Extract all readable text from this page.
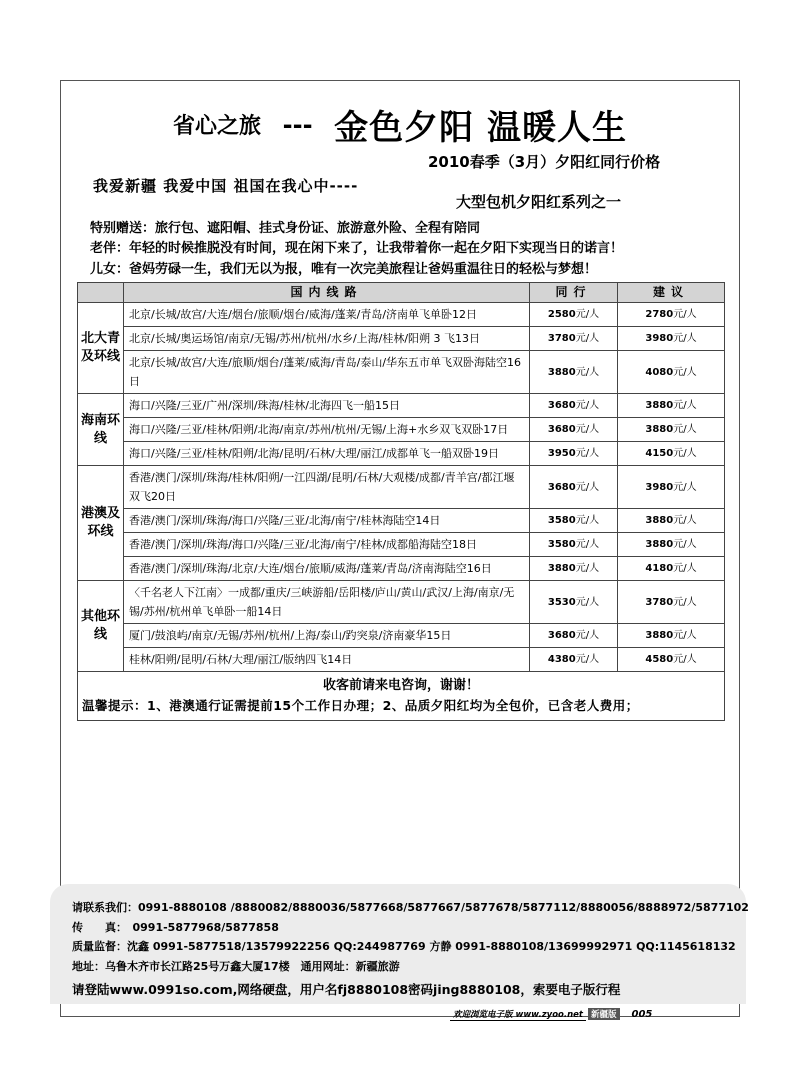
省心之旅 --- 金色夕阳 温暖人生
2010春季（3月）夕阳红同行价格
我爱新疆 我爱中国 祖国在我心中----
大型包机夕阳红系列之一
特别赠送：旅行包、遮阳帽、挂式身份证、旅游意外险、全程有陪同
老伴：年轻的时候推脱没有时间，现在闲下来了，让我带着你一起在夕阳下实现当日的诺言！
儿女：爸妈劳碌一生，我们无以为报，唯有一次完美旅程让爸妈重温往日的轻松与梦想！
	国内线路	同行	建议
北大青及环线	北京/长城/故宫/大连/烟台/旅顺/烟台/威海/蓬莱/青岛/济南单飞单卧12日	2580元/人	2780元/人
	北京/长城/奥运场馆/南京/无锡/苏州/杭州/水乡/上海/桂林/阳朔 3 飞13日	3780元/人	3980元/人
	北京/长城/故宫/大连/旅顺/烟台/蓬莱/威海/青岛/泰山/华东五市单飞双卧海陆空16日	3880元/人	4080元/人
海南环线	海口/兴隆/三亚/广州/深圳/珠海/桂林/北海四飞一船15日	3680元/人	3880元/人
	海口/兴隆/三亚/桂林/阳朔/北海/南京/苏州/杭州/无锡/上海+水乡双飞双卧17日	3680元/人	3880元/人
	海口/兴隆/三亚/桂林/阳朔/北海/昆明/石林/大理/丽江/成都单飞一船双卧19日	3950元/人	4150元/人
港澳及环线	香港/澳门/深圳/珠海/桂林/阳朔/一江四湖/昆明/石林/大观楼/成都/青羊宫/都江堰双飞20日	3680元/人	3980元/人
	香港/澳门/深圳/珠海/海口/兴隆/三亚/北海/南宁/桂林海陆空14日	3580元/人	3880元/人
	香港/澳门/深圳/珠海/海口/兴隆/三亚/北海/南宁/桂林/成都船海陆空18日	3580元/人	3880元/人
	香港/澳门/深圳/珠海/北京/大连/烟台/旅顺/威海/蓬莱/青岛/济南海陆空16日	3880元/人	4180元/人
其他环线	〈千名老人下江南〉一成都/重庆/三峡游船/岳阳楼/庐山/黄山/武汉/上海/南京/无锡/苏州/杭州单飞单卧一船14日	3530元/人	3780元/人
	厦门/鼓浪屿/南京/无锡/苏州/杭州/上海/泰山/趵突泉/济南豪华15日	3680元/人	3880元/人
	桂林/阳朔/昆明/石林/大理/丽江/版纳四飞14日	4380元/人	4580元/人
收客前请来电咨询，谢谢！
温馨提示：1、港澳通行证需提前15个工作日办理；2、品质夕阳红均为全包价，已含老人费用；			
请联系我们：0991-8880108 /8880082/8880036/5877668/5877667/5877678/5877112/8880056/8888972/5877102
传　　真：　0991-5877968/5877858
质量监督：沈鑫 0991-5877518/13579922256 QQ:244987769 方静 0991-8880108/13699992971 QQ:1145618132
地址：乌鲁木齐市长江路25号万鑫大厦17楼　通用网址：新疆旅游
请登陆www.0991so.com,网络硬盘，用户名fj8880108密码jing8880108，索要电子版行程
欢迎浏览电子版 www.zyoo.net 新疆版 005
